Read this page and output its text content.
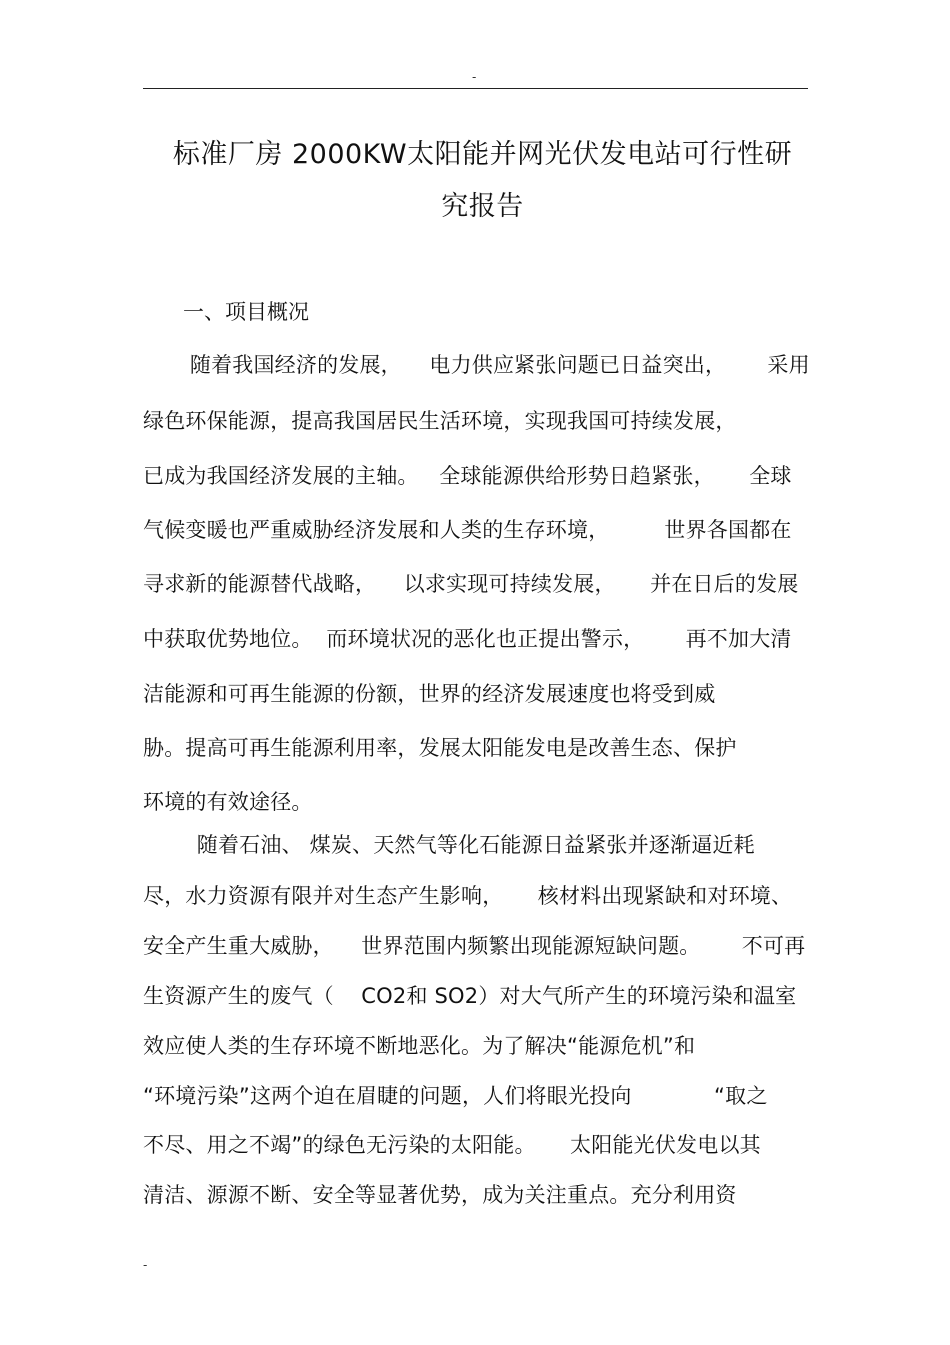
-
标准厂房 2000KW太阳能并网光伏发电站可行性研
究报告
一、项目概况
随着我国经济的发展，    电力供应紧张问题已日益突出，      采用
绿色环保能源，提高我国居民生活环境，实现我国可持续发展，
已成为我国经济发展的主轴。   全球能源供给形势日趋紧张，     全球
气候变暖也严重威胁经济发展和人类的生存环境，        世界各国都在
寻求新的能源替代战略，    以求实现可持续发展，     并在日后的发展
中获取优势地位。  而环境状况的恶化也正提出警示，      再不加大清
洁能源和可再生能源的份额，世界的经济发展速度也将受到威
胁。提高可再生能源利用率，发展太阳能发电是改善生态、保护
环境的有效途径。
随着石油、 煤炭、天然气等化石能源日益紧张并逐渐逼近耗
尽，水力资源有限并对生态产生影响，     核材料出现紧缺和对环境、
安全产生重大威胁，    世界范围内频繁出现能源短缺问题。      不可再
生资源产生的废气（    CO2和 SO2）对大气所产生的环境污染和温室
效应使人类的生存环境不断地恶化。为了解决“能源危机”和
“环境污染”这两个迫在眉睫的问题，人们将眼光投向            “取之
不尽、用之不竭”的绿色无污染的太阳能。     太阳能光伏发电以其
清洁、源源不断、安全等显著优势，成为关注重点。充分利用资
-
